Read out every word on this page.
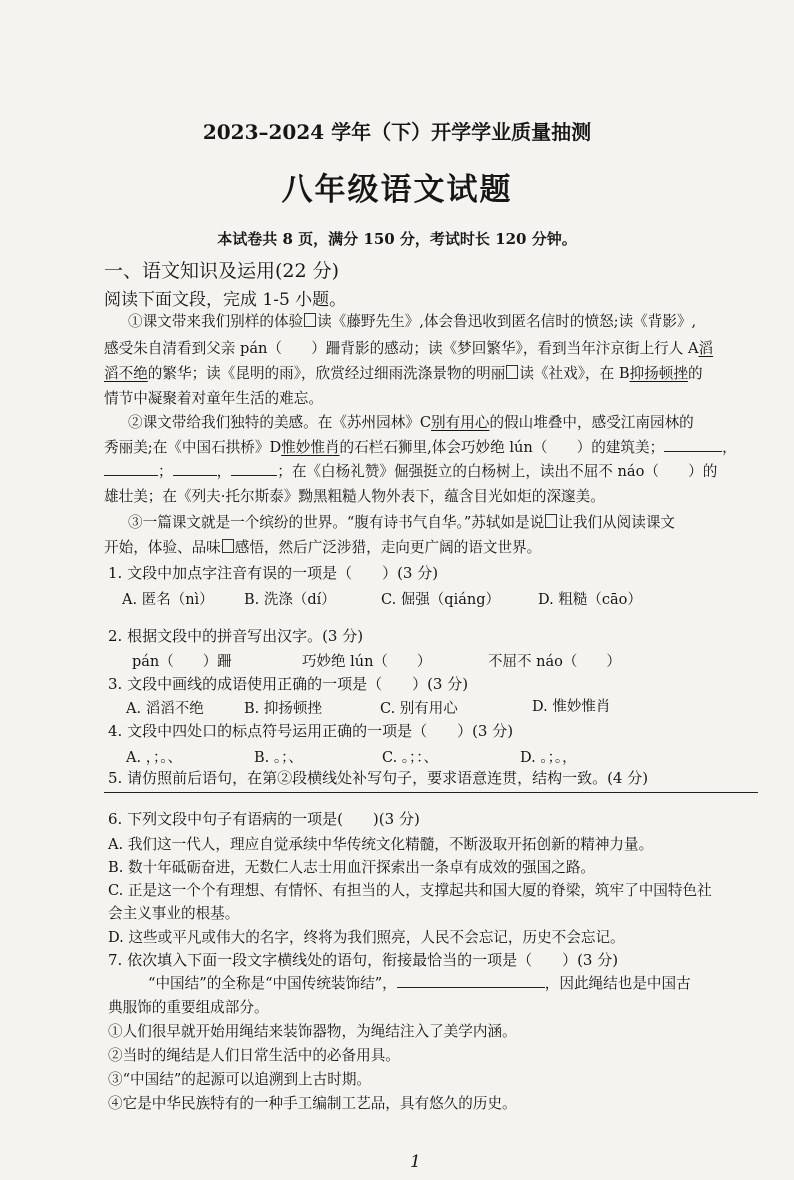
2023–2024 学年（下）开学学业质量抽测
八年级语文试题
本试卷共 8 页，满分 150 分，考试时长 120 分钟。
一、语文知识及运用(22 分)
阅读下面文段，完成 1-5 小题。
①课文带来我们别样的体验 读《藤野先生》,体会鲁迅收到匿名信时的愤怒;读《背影》,
感受朱自清看到父亲 pán（　　）跚背影的感动；读《梦回繁华》，看到当年汴京街上行人 A滔
滔不绝的繁华；读《昆明的雨》，欣赏经过细雨洗涤景物的明丽 读《社戏》，在 B抑扬顿挫的
情节中凝聚着对童年生活的难忘。
②课文带给我们独特的美感。在《苏州园林》C别有用心的假山堆叠中，感受江南园林的
秀丽美;在《中国石拱桥》D惟妙惟肖的石栏石狮里,体会巧妙绝 lún（　　）的建筑美；	，
；	，	；在《白杨礼赞》倔强挺立的白杨树上，读出不屈不 náo（　　）的
雄壮美；在《列夫·托尔斯泰》黝黑粗糙人物外表下，蕴含目光如炬的深邃美。
③一篇课文就是一个缤纷的世界。“腹有诗书气自华。”苏轼如是说 让我们从阅读课文
开始，体验、品味 感悟，然后广泛涉猎，走向更广阔的语文世界。
1. 文段中加点字注音有误的一项是（　　）(3 分)
A. 匿名（nì） B. 洗涤（dí）	C. 倔强（qiáng）	D. 粗糙（cāo）
2. 根据文段中的拼音写出汉字。(3 分)
pán（　　）跚	巧妙绝 lún（　　）	不屈不 náo（　　）
3. 文段中画线的成语使用正确的一项是（　　）(3 分)
A. 滔滔不绝	B. 抑扬顿挫	C. 别有用心	D. 惟妙惟肖
4. 文段中四处口的标点符号运用正确的一项是（　　）(3 分)
A. ，；。、	B. 。；、	C. 。；：、	D. 。；。，
5. 请仿照前后语句，在第②段横线处补写句子，要求语意连贯，结构一致。(4 分)
6. 下列文段中句子有语病的一项是(　　)(3 分)
A. 我们这一代人，理应自觉承续中华传统文化精髓，不断汲取开拓创新的精神力量。
B. 数十年砥砺奋进，无数仁人志士用血汗探索出一条卓有成效的强国之路。
C. 正是这一个个有理想、有情怀、有担当的人，支撑起共和国大厦的脊梁，筑牢了中国特色社
会主义事业的根基。
D. 这些或平凡或伟大的名字，终将为我们照亮，人民不会忘记，历史不会忘记。
7. 依次填入下面一段文字横线处的语句，衔接最恰当的一项是（　　）(3 分)
“中国结”的全称是“中国传统装饰结”，	，因此绳结也是中国古
典服饰的重要组成部分。
①人们很早就开始用绳结来装饰器物，为绳结注入了美学内涵。
②当时的绳结是人们日常生活中的必备用具。
③“中国结”的起源可以追溯到上古时期。
④它是中华民族特有的一种手工编制工艺品，具有悠久的历史。
1
